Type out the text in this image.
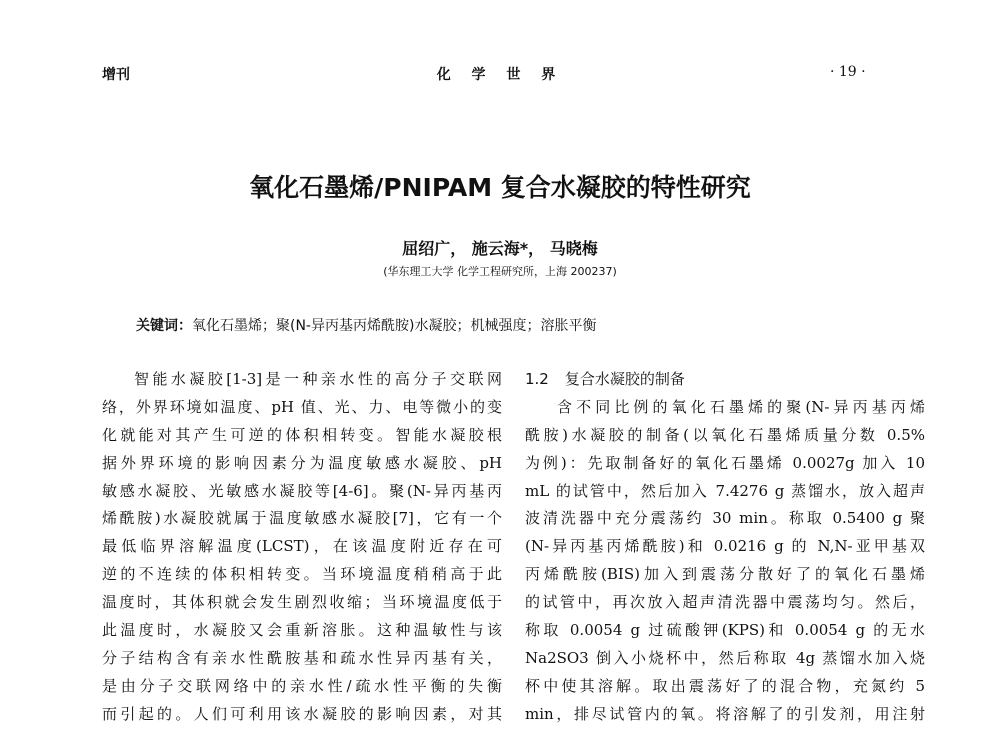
增刊	化 学 世 界	· 19 ·
氧化石墨烯/PNIPAM 复合水凝胶的特性研究
屈绍广， 施云海*， 马晓梅
(华东理工大学 化学工程研究所，上海 200237)
关键词：氧化石墨烯；聚(N-异丙基丙烯酰胺)水凝胶；机械强度；溶胀平衡
智能水凝胶[1-3]是一种亲水性的高分子交联网
络，外界环境如温度、pH 值、光、力、电等微小的变
化就能对其产生可逆的体积相转变。智能水凝胶根
据外界环境的影响因素分为温度敏感水凝胶、pH
敏感水凝胶、光敏感水凝胶等[4-6]。聚(N-异丙基丙
烯酰胺)水凝胶就属于温度敏感水凝胶[7]，它有一个
最低临界溶解温度(LCST)，在该温度附近存在可
逆的不连续的体积相转变。当环境温度稍稍高于此
温度时，其体积就会发生剧烈收缩；当环境温度低于
此温度时，水凝胶又会重新溶胀。这种温敏性与该
分子结构含有亲水性酰胺基和疏水性异丙基有关，
是由分子交联网络中的亲水性/疏水性平衡的失衡
而引起的。人们可利用该水凝胶的影响因素，对其
1.2 复合水凝胶的制备
含不同比例的氧化石墨烯的聚(N-异丙基丙烯
酰胺)水凝胶的制备(以氧化石墨烯质量分数 0.5%
为例)：先取制备好的氧化石墨烯 0.0027g 加入 10
mL 的试管中，然后加入 7.4276 g 蒸馏水，放入超声
波清洗器中充分震荡约 30 min。称取 0.5400 g 聚
(N-异丙基丙烯酰胺)和 0.0216 g 的 N,N-亚甲基双
丙烯酰胺(BIS)加入到震荡分散好了的氧化石墨烯
的试管中，再次放入超声清洗器中震荡均匀。然后，
称取 0.0054 g 过硫酸钾(KPS)和 0.0054 g 的无水
Na2SO3 倒入小烧杯中，然后称取 4g 蒸馏水加入烧
杯中使其溶解。取出震荡好了的混合物，充氮约 5
min，排尽试管内的氧。将溶解了的引发剂，用注射
